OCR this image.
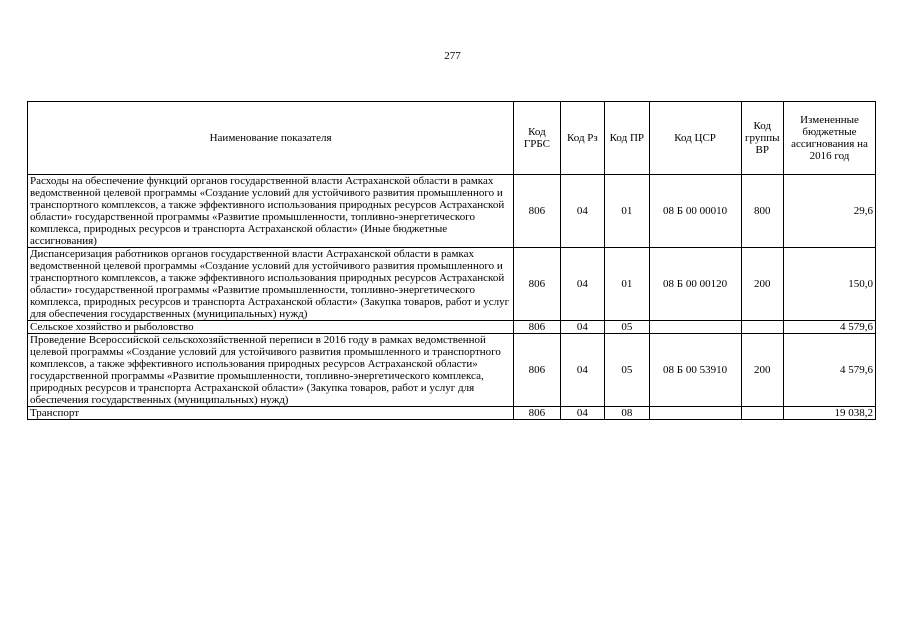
277
Наименование показателя	Код ГРБС	Код Рз	Код ПР	Код ЦСР	Код группы ВР	Измененные бюджетные ассигнования на 2016 год
Расходы на обеспечение функций органов государственной власти Астраханской области в рамках ведомственной целевой программы «Создание условий для устойчивого развития промышленного и транспортного комплексов, а также эффективного использования природных ресурсов Астраханской области» государственной программы «Развитие промышленности, топливно-энергетического комплекса, природных ресурсов и транспорта Астраханской области» (Иные бюджетные ассигнования)	806	04	01	08 Б 00 00010	800	29,6
Диспансеризация работников органов государственной власти Астраханской области в рамках ведомственной целевой программы «Создание условий для устойчивого развития промышленного и транспортного комплексов, а также эффективного использования природных ресурсов Астраханской области» государственной программы «Развитие промышленности, топливно-энергетического комплекса, природных ресурсов и транспорта Астраханской области» (Закупка товаров, работ и услуг для обеспечения государственных (муниципальных) нужд)	806	04	01	08 Б 00 00120	200	150,0
Сельское хозяйство и рыболовство	806	04	05			4 579,6
Проведение Всероссийской сельскохозяйственной переписи в 2016 году в рамках ведомственной целевой программы «Создание условий для устойчивого развития промышленного и транспортного комплексов, а также эффективного использования природных ресурсов Астраханской области» государственной программы «Развитие промышленности, топливно-энергетического комплекса, природных ресурсов и транспорта Астраханской области» (Закупка товаров, работ и услуг для обеспечения государственных (муниципальных) нужд)	806	04	05	08 Б 00 53910	200	4 579,6
Транспорт	806	04	08			19 038,2
